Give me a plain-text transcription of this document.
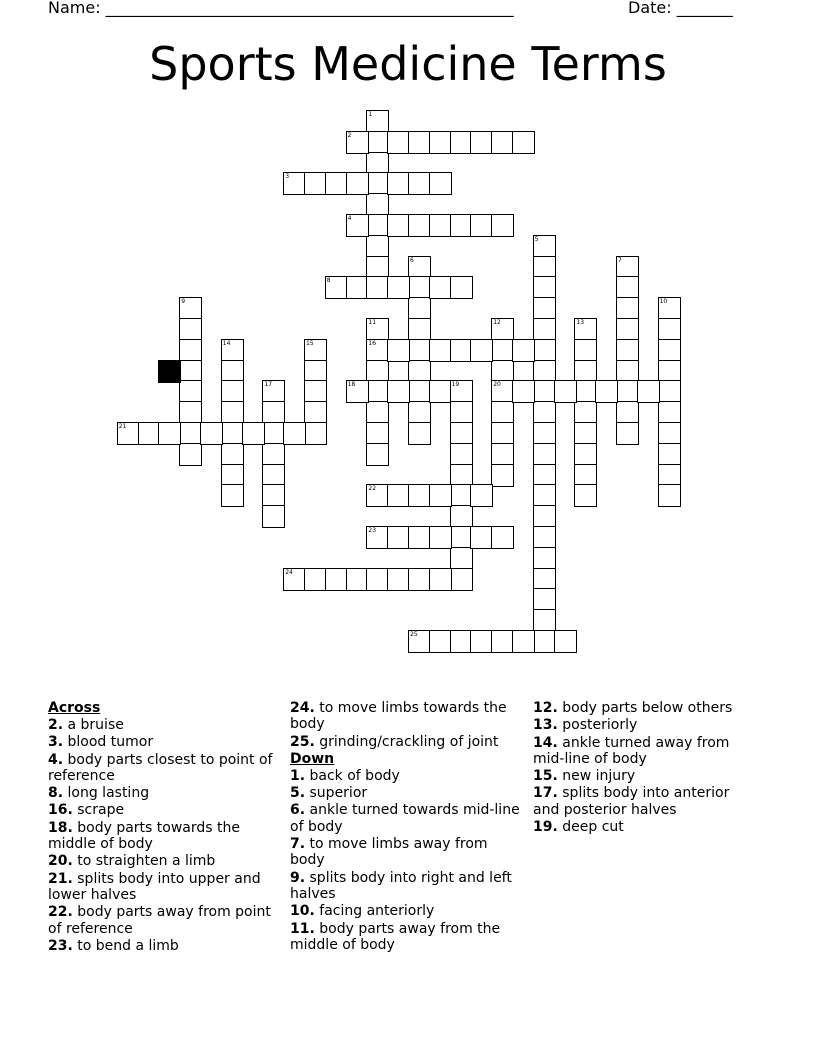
Name: ___________________________________________________	Date: _______
Sports Medicine Terms
1
2
3
4
5
6	7
8
9	10
11
16
12
20
13
14	15
17	18	19
21
22
23
24
25
Across
2. a bruise
3. blood tumor
4. body parts closest to point of reference
8. long lasting
16. scrape
18. body parts towards the middle of body
20. to straighten a limb
21. splits body into upper and lower halves
22. body parts away from point of reference
23. to bend a limb
24. to move limbs towards the body
25. grinding/crackling of joint
Down
1. back of body
5. superior
6. ankle turned towards mid-line of body
7. to move limbs away from body
9. splits body into right and left halves
10. facing anteriorly
11. body parts away from the middle of body
12. body parts below others
13. posteriorly
14. ankle turned away from mid-line of body
15. new injury
17. splits body into anterior and posterior halves
19. deep cut
